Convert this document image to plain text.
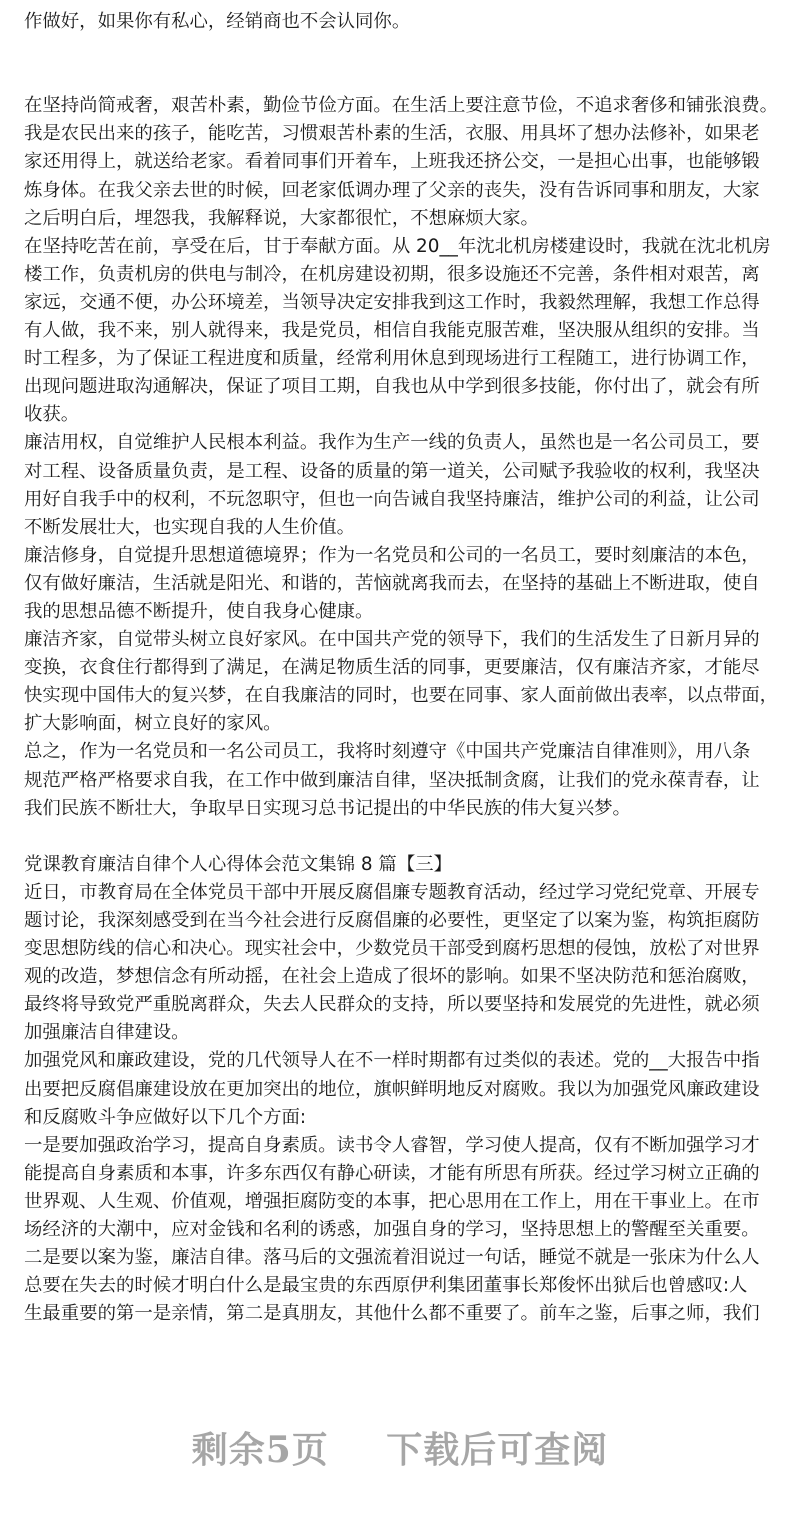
作做好，如果你有私心，经销商也不会认同你。
在坚持尚简戒奢，艰苦朴素，勤俭节俭方面。在生活上要注意节俭，不追求奢侈和铺张浪费。
我是农民出来的孩子，能吃苦，习惯艰苦朴素的生活，衣服、用具坏了想办法修补，如果老
家还用得上，就送给老家。看着同事们开着车，上班我还挤公交，一是担心出事，也能够锻
炼身体。在我父亲去世的时候，回老家低调办理了父亲的丧失，没有告诉同事和朋友，大家
之后明白后，埋怨我，我解释说，大家都很忙，不想麻烦大家。
在坚持吃苦在前，享受在后，甘于奉献方面。从 20__年沈北机房楼建设时，我就在沈北机房
楼工作，负责机房的供电与制冷，在机房建设初期，很多设施还不完善，条件相对艰苦，离
家远，交通不便，办公环境差，当领导决定安排我到这工作时，我毅然理解，我想工作总得
有人做，我不来，别人就得来，我是党员，相信自我能克服苦难，坚决服从组织的安排。当
时工程多，为了保证工程进度和质量，经常利用休息到现场进行工程随工，进行协调工作，
出现问题进取沟通解决，保证了项目工期，自我也从中学到很多技能，你付出了，就会有所
收获。
廉洁用权，自觉维护人民根本利益。我作为生产一线的负责人，虽然也是一名公司员工，要
对工程、设备质量负责，是工程、设备的质量的第一道关，公司赋予我验收的权利，我坚决
用好自我手中的权利，不玩忽职守，但也一向告诫自我坚持廉洁，维护公司的利益，让公司
不断发展壮大，也实现自我的人生价值。
廉洁修身，自觉提升思想道德境界；作为一名党员和公司的一名员工，要时刻廉洁的本色，
仅有做好廉洁，生活就是阳光、和谐的，苦恼就离我而去，在坚持的基础上不断进取，使自
我的思想品德不断提升，使自我身心健康。
廉洁齐家，自觉带头树立良好家风。在中国共产党的领导下，我们的生活发生了日新月异的
变换，衣食住行都得到了满足，在满足物质生活的同事，更要廉洁，仅有廉洁齐家，才能尽
快实现中国伟大的复兴梦，在自我廉洁的同时，也要在同事、家人面前做出表率，以点带面，
扩大影响面，树立良好的家风。
总之，作为一名党员和一名公司员工，我将时刻遵守《中国共产党廉洁自律准则》，用八条
规范严格严格要求自我，在工作中做到廉洁自律，坚决抵制贪腐，让我们的党永葆青春，让
我们民族不断壮大，争取早日实现习总书记提出的中华民族的伟大复兴梦。
党课教育廉洁自律个人心得体会范文集锦 8 篇【三】
近日，市教育局在全体党员干部中开展反腐倡廉专题教育活动，经过学习党纪党章、开展专
题讨论，我深刻感受到在当今社会进行反腐倡廉的必要性，更坚定了以案为鉴，构筑拒腐防
变思想防线的信心和决心。现实社会中，少数党员干部受到腐朽思想的侵蚀，放松了对世界
观的改造，梦想信念有所动摇，在社会上造成了很坏的影响。如果不坚决防范和惩治腐败，
最终将导致党严重脱离群众，失去人民群众的支持，所以要坚持和发展党的先进性，就必须
加强廉洁自律建设。
加强党风和廉政建设，党的几代领导人在不一样时期都有过类似的表述。党的__大报告中指
出要把反腐倡廉建设放在更加突出的地位，旗帜鲜明地反对腐败。我以为加强党风廉政建设
和反腐败斗争应做好以下几个方面:
一是要加强政治学习，提高自身素质。读书令人睿智，学习使人提高，仅有不断加强学习才
能提高自身素质和本事，许多东西仅有静心研读，才能有所思有所获。经过学习树立正确的
世界观、人生观、价值观，增强拒腐防变的本事，把心思用在工作上，用在干事业上。在市
场经济的大潮中，应对金钱和名利的诱惑，加强自身的学习，坚持思想上的警醒至关重要。
二是要以案为鉴，廉洁自律。落马后的文强流着泪说过一句话，睡觉不就是一张床为什么人
总要在失去的时候才明白什么是最宝贵的东西原伊利集团董事长郑俊怀出狱后也曾感叹:人
生最重要的第一是亲情，第二是真朋友，其他什么都不重要了。前车之鉴，后事之师，我们
剩余5页 下载后可查阅
